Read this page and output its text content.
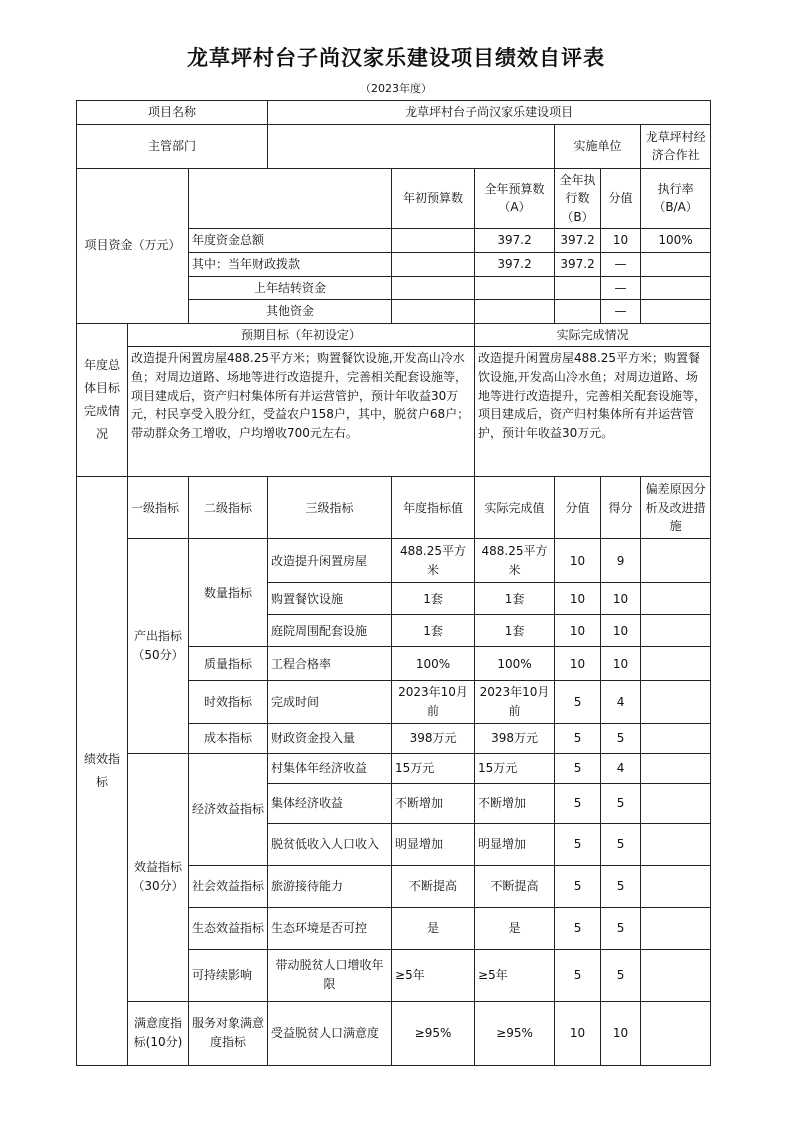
龙草坪村台子尚汉家乐建设项目绩效自评表
（2023年度）
项目名称			龙草坪村台子尚汉家乐建设项目					
主管部门						实施单位		龙草坪村经济合作社
项目资金（万元）				年初预算数	全年预算数（A）	全年执行数（B）	分值	执行率（B/A）
		年度资金总额			397.2	397.2	10	100%
		其中：当年财政拨款			397.2	397.2	—	
		上年结转资金					—	
		其他资金					—	
年度总体目标完成情况	预期目标（年初设定）				实际完成情况			
	改造提升闲置房屋488.25平方米；购置餐饮设施,开发高山冷水鱼；对周边道路、场地等进行改造提升，完善相关配套设施等，项目建成后，资产归村集体所有并运营管护，预计年收益30万元，村民享受入股分红，受益农户158户，其中，脱贫户68户；带动群众务工增收，户均增收700元左右。				改造提升闲置房屋488.25平方米；购置餐饮设施,开发高山冷水鱼；对周边道路、场地等进行改造提升，完善相关配套设施等，项目建成后，资产归村集体所有并运营管护，预计年收益30万元。			
绩效指标	一级指标	二级指标	三级指标	年度指标值	实际完成值	分值	得分	偏差原因分析及改进措施
	产出指标（50分）	数量指标	改造提升闲置房屋	488.25平方米	488.25平方米	10	9	
			购置餐饮设施	1套	1套	10	10	
			庭院周围配套设施	1套	1套	10	10	
		质量指标	工程合格率	100%	100%	10	10	
		时效指标	完成时间	2023年10月前	2023年10月前	5	4	
		成本指标	财政资金投入量	398万元	398万元	5	5	
	效益指标（30分）	经济效益指标	村集体年经济收益	15万元	15万元	5	4	
			集体经济收益	不断增加	不断增加	5	5	
			脱贫低收入人口收入	明显增加	明显增加	5	5	
		社会效益指标	旅游接待能力	不断提高	不断提高	5	5	
		生态效益指标	生态环境是否可控	是	是	5	5	
		可持续影响	带动脱贫人口增收年限	≥5年	≥5年	5	5	
	满意度指标(10分)	服务对象满意度指标	受益脱贫人口满意度	≥95%	≥95%	10	10	
